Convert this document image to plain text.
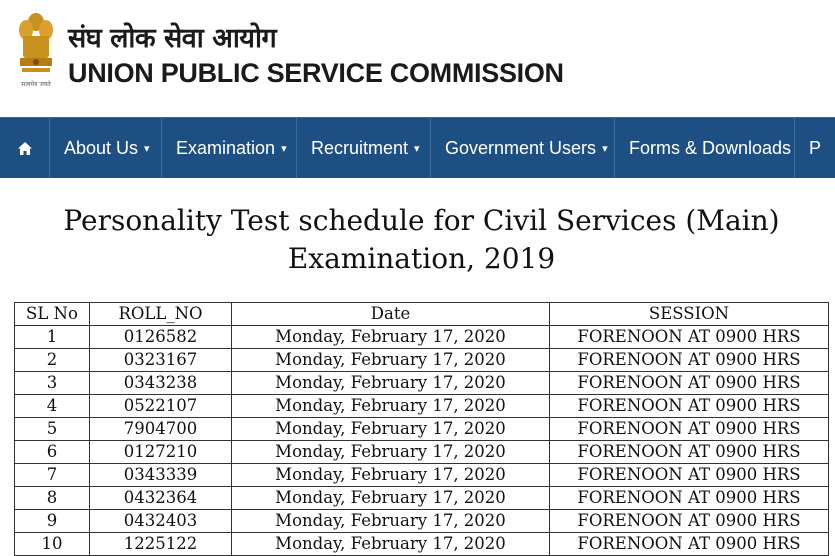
सत्यमेव जयते
संघ लोक सेवा आयोग
UNION PUBLIC SERVICE COMMISSION
About Us ▾ Examination ▾ Recruitment ▾ Government Users ▾ Forms & Downloads P
Personality Test schedule for Civil Services (Main)
Examination, 2019
SL No	ROLL_NO	Date	SESSION
1	0126582	Monday, February 17, 2020	FORENOON AT 0900 HRS
2	0323167	Monday, February 17, 2020	FORENOON AT 0900 HRS
3	0343238	Monday, February 17, 2020	FORENOON AT 0900 HRS
4	0522107	Monday, February 17, 2020	FORENOON AT 0900 HRS
5	7904700	Monday, February 17, 2020	FORENOON AT 0900 HRS
6	0127210	Monday, February 17, 2020	FORENOON AT 0900 HRS
7	0343339	Monday, February 17, 2020	FORENOON AT 0900 HRS
8	0432364	Monday, February 17, 2020	FORENOON AT 0900 HRS
9	0432403	Monday, February 17, 2020	FORENOON AT 0900 HRS
10	1225122	Monday, February 17, 2020	FORENOON AT 0900 HRS
